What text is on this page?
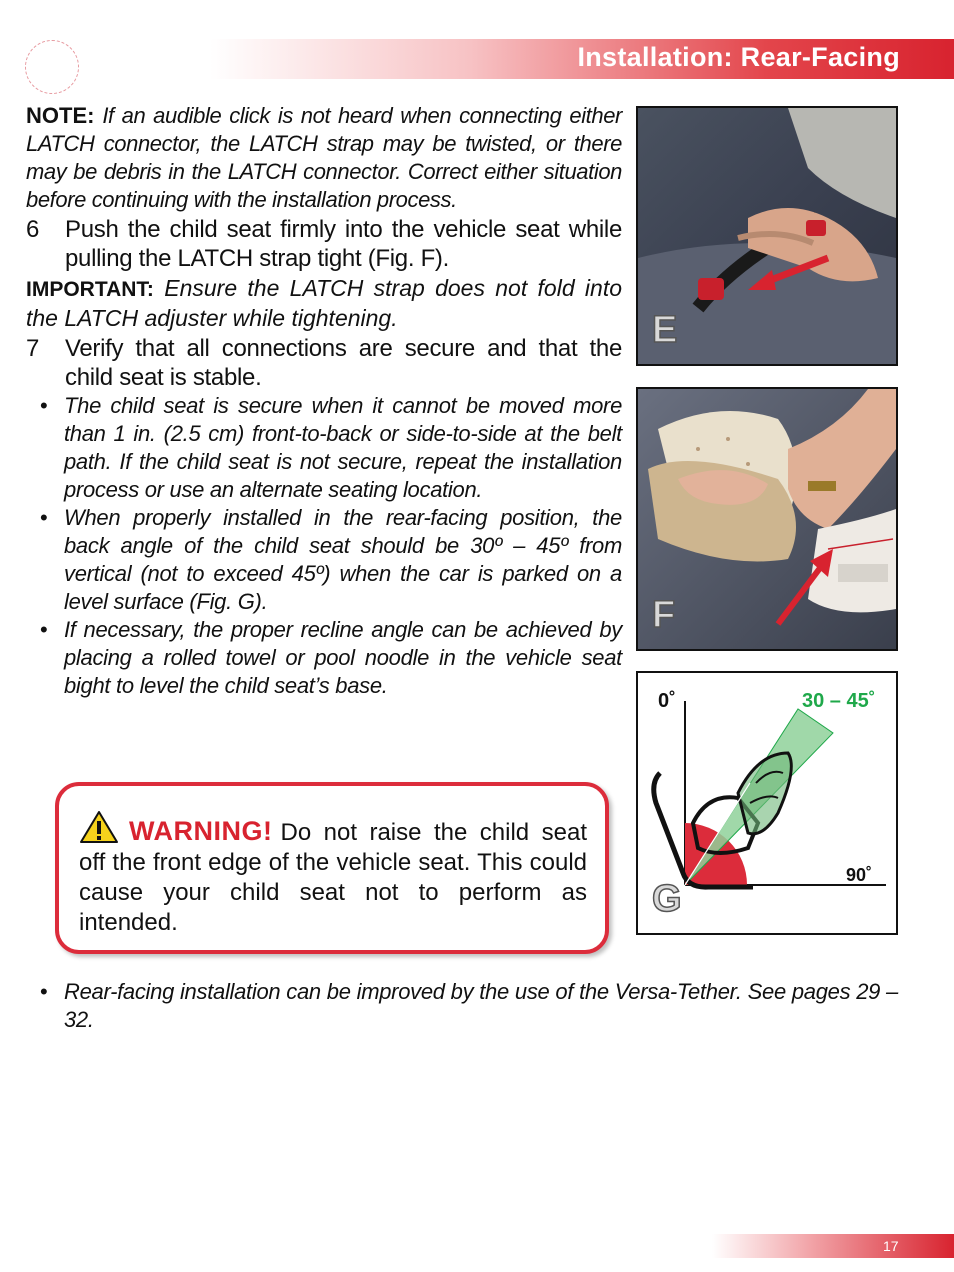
Installation: Rear-Facing

NOTE: If an audible click is not heard when connecting either LATCH connector, the LATCH strap may be twisted, or there may be debris in the LATCH connector. Correct either situation before continuing with the installation process.

6 Push the child seat firmly into the vehicle seat while pulling the LATCH strap tight (Fig. F).

IMPORTANT: Ensure the LATCH strap does not fold into the LATCH adjuster while tightening.

7 Verify that all connections are secure and that the child seat is stable.

• The child seat is secure when it cannot be moved more than 1 in. (2.5 cm) front-to-back or side-to-side at the belt path. If the child seat is not secure, repeat the installation process or use an alternate seating location.

• When properly installed in the rear-facing position, the back angle of the child seat should be 30º – 45º from vertical (not to exceed 45º) when the car is parked on a level surface (Fig. G).

• If necessary, the proper recline angle can be achieved by placing a rolled towel or pool noodle in the vehicle seat bight to level the child seat’s base.

E
F
0˚	30 – 45˚
90˚
G

WARNING! Do not raise the child seat off the front edge of the vehicle seat. This could cause your child seat not to perform as intended.

• Rear-facing installation can be improved by the use of the Versa-Tether. See pages 29 – 32.

17
